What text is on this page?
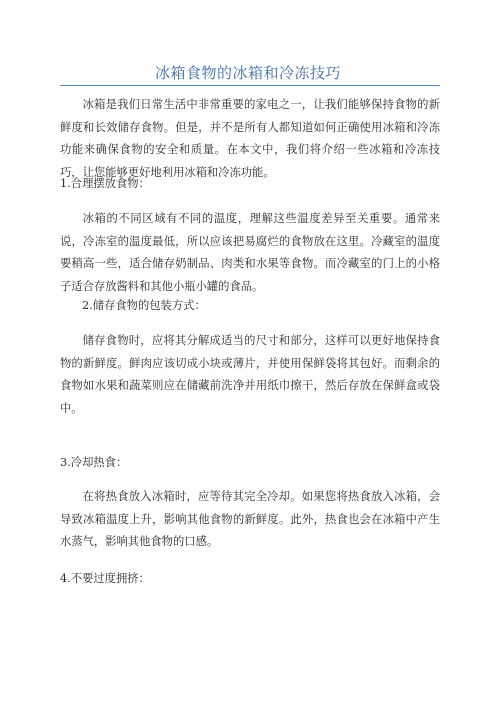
冰箱食物的冰箱和冷冻技巧

冰箱是我们日常生活中非常重要的家电之一，让我们能够保持食物的新鲜度和长效储存食物。但是，并不是所有人都知道如何正确使用冰箱和冷冻功能来确保食物的安全和质量。在本文中，我们将介绍一些冰箱和冷冻技巧，让您能够更好地利用冰箱和冷冻功能。

1.合理摆放食物：

冰箱的不同区域有不同的温度，理解这些温度差异至关重要。通常来说，冷冻室的温度最低，所以应该把易腐烂的食物放在这里。冷藏室的温度要稍高一些，适合储存奶制品、肉类和水果等食物。而冷藏室的门上的小格子适合存放酱料和其他小瓶小罐的食品。

2.储存食物的包装方式：

储存食物时，应将其分解成适当的尺寸和部分，这样可以更好地保持食物的新鲜度。鲜肉应该切成小块或薄片，并使用保鲜袋将其包好。而剩余的食物如水果和蔬菜则应在储藏前洗净并用纸巾擦干，然后存放在保鲜盒或袋中。

3.冷却热食：

在将热食放入冰箱时，应等待其完全冷却。如果您将热食放入冰箱，会导致冰箱温度上升，影响其他食物的新鲜度。此外，热食也会在冰箱中产生水蒸气，影响其他食物的口感。

4.不要过度拥挤：
